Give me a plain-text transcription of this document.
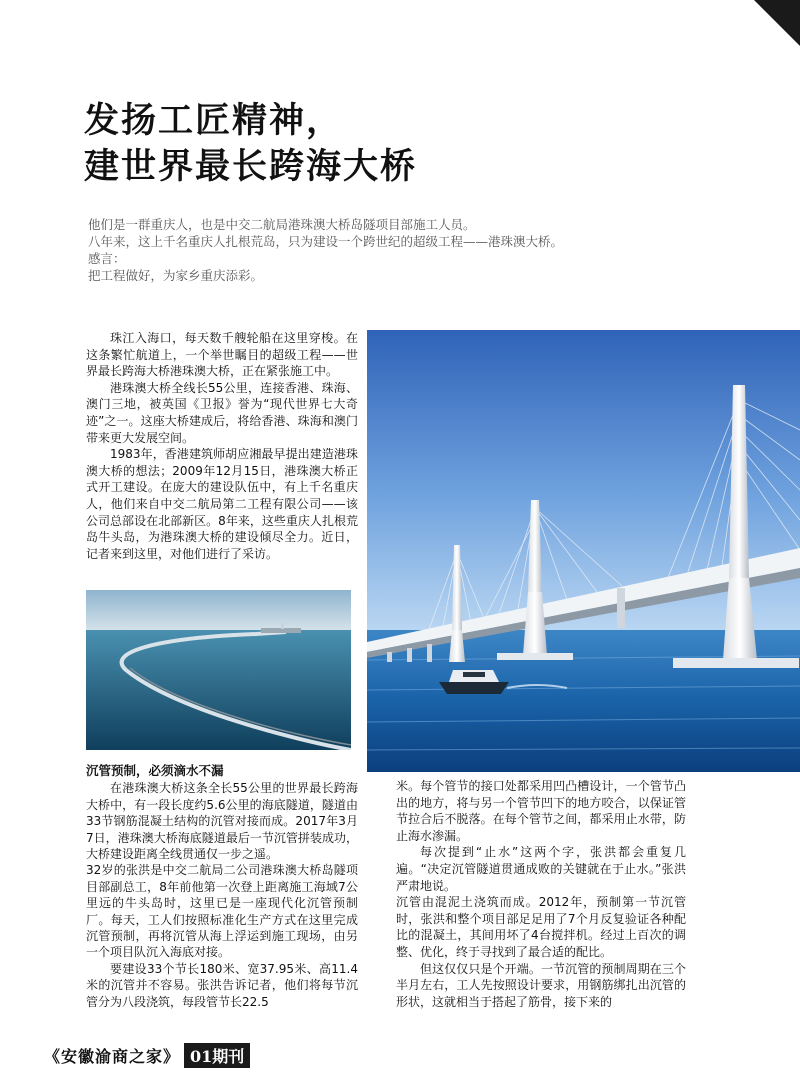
发扬工匠精神，
建世界最长跨海大桥
他们是一群重庆人，也是中交二航局港珠澳大桥岛隧项目部施工人员。
八年来，这上千名重庆人扎根荒岛，只为建设一个跨世纪的超级工程——港珠澳大桥。
感言：
把工程做好，为家乡重庆添彩。

珠江入海口，每天数千艘轮船在这里穿梭。在这条繁忙航道上，一个举世瞩目的超级工程——世界最长跨海大桥港珠澳大桥，正在紧张施工中。

港珠澳大桥全线长55公里，连接香港、珠海、澳门三地，被英国《卫报》誉为“现代世界七大奇迹”之一。这座大桥建成后，将给香港、珠海和澳门带来更大发展空间。

1983年，香港建筑师胡应湘最早提出建造港珠澳大桥的想法；2009年12月15日，港珠澳大桥正式开工建设。在庞大的建设队伍中，有上千名重庆人，他们来自中交二航局第二工程有限公司——该公司总部设在北部新区。8年来，这些重庆人扎根荒岛牛头岛，为港珠澳大桥的建设倾尽全力。近日，记者来到这里，对他们进行了采访。

沉管预制，必须滴水不漏

在港珠澳大桥这条全长55公里的世界最长跨海大桥中，有一段长度约5.6公里的海底隧道，隧道由33节钢筋混凝土结构的沉管对接而成。2017年3月7日，港珠澳大桥海底隧道最后一节沉管拼装成功，大桥建设距离全线贯通仅一步之遥。

32岁的张洪是中交二航局二公司港珠澳大桥岛隧项目部副总工，8年前他第一次登上距离施工海域7公里远的牛头岛时，这里已是一座现代化沉管预制厂。每天，工人们按照标准化生产方式在这里完成沉管预制，再将沉管从海上浮运到施工现场，由另一个项目队沉入海底对接。

要建设33个节长180米、宽37.95米、高11.4米的沉管并不容易。张洪告诉记者，他们将每节沉管分为八段浇筑，每段管节长22.5

米。每个管节的接口处都采用凹凸槽设计，一个管节凸出的地方，将与另一个管节凹下的地方咬合，以保证管节拉合后不脱落。在每个管节之间，都采用止水带，防止海水渗漏。

每次提到“止水”这两个字，张洪都会重复几遍。“决定沉管隧道贯通成败的关键就在于止水。”张洪严肃地说。

沉管由混泥土浇筑而成。2012年，预制第一节沉管时，张洪和整个项目部足足用了7个月反复验证各种配比的混凝土，其间用坏了4台搅拌机。经过上百次的调整、优化，终于寻找到了最合适的配比。

但这仅仅只是个开端。一节沉管的预制周期在三个半月左右，工人先按照设计要求，用钢筋绑扎出沉管的形状，这就相当于搭起了筋骨，接下来的

《安徽渝商之家》 01期刊
